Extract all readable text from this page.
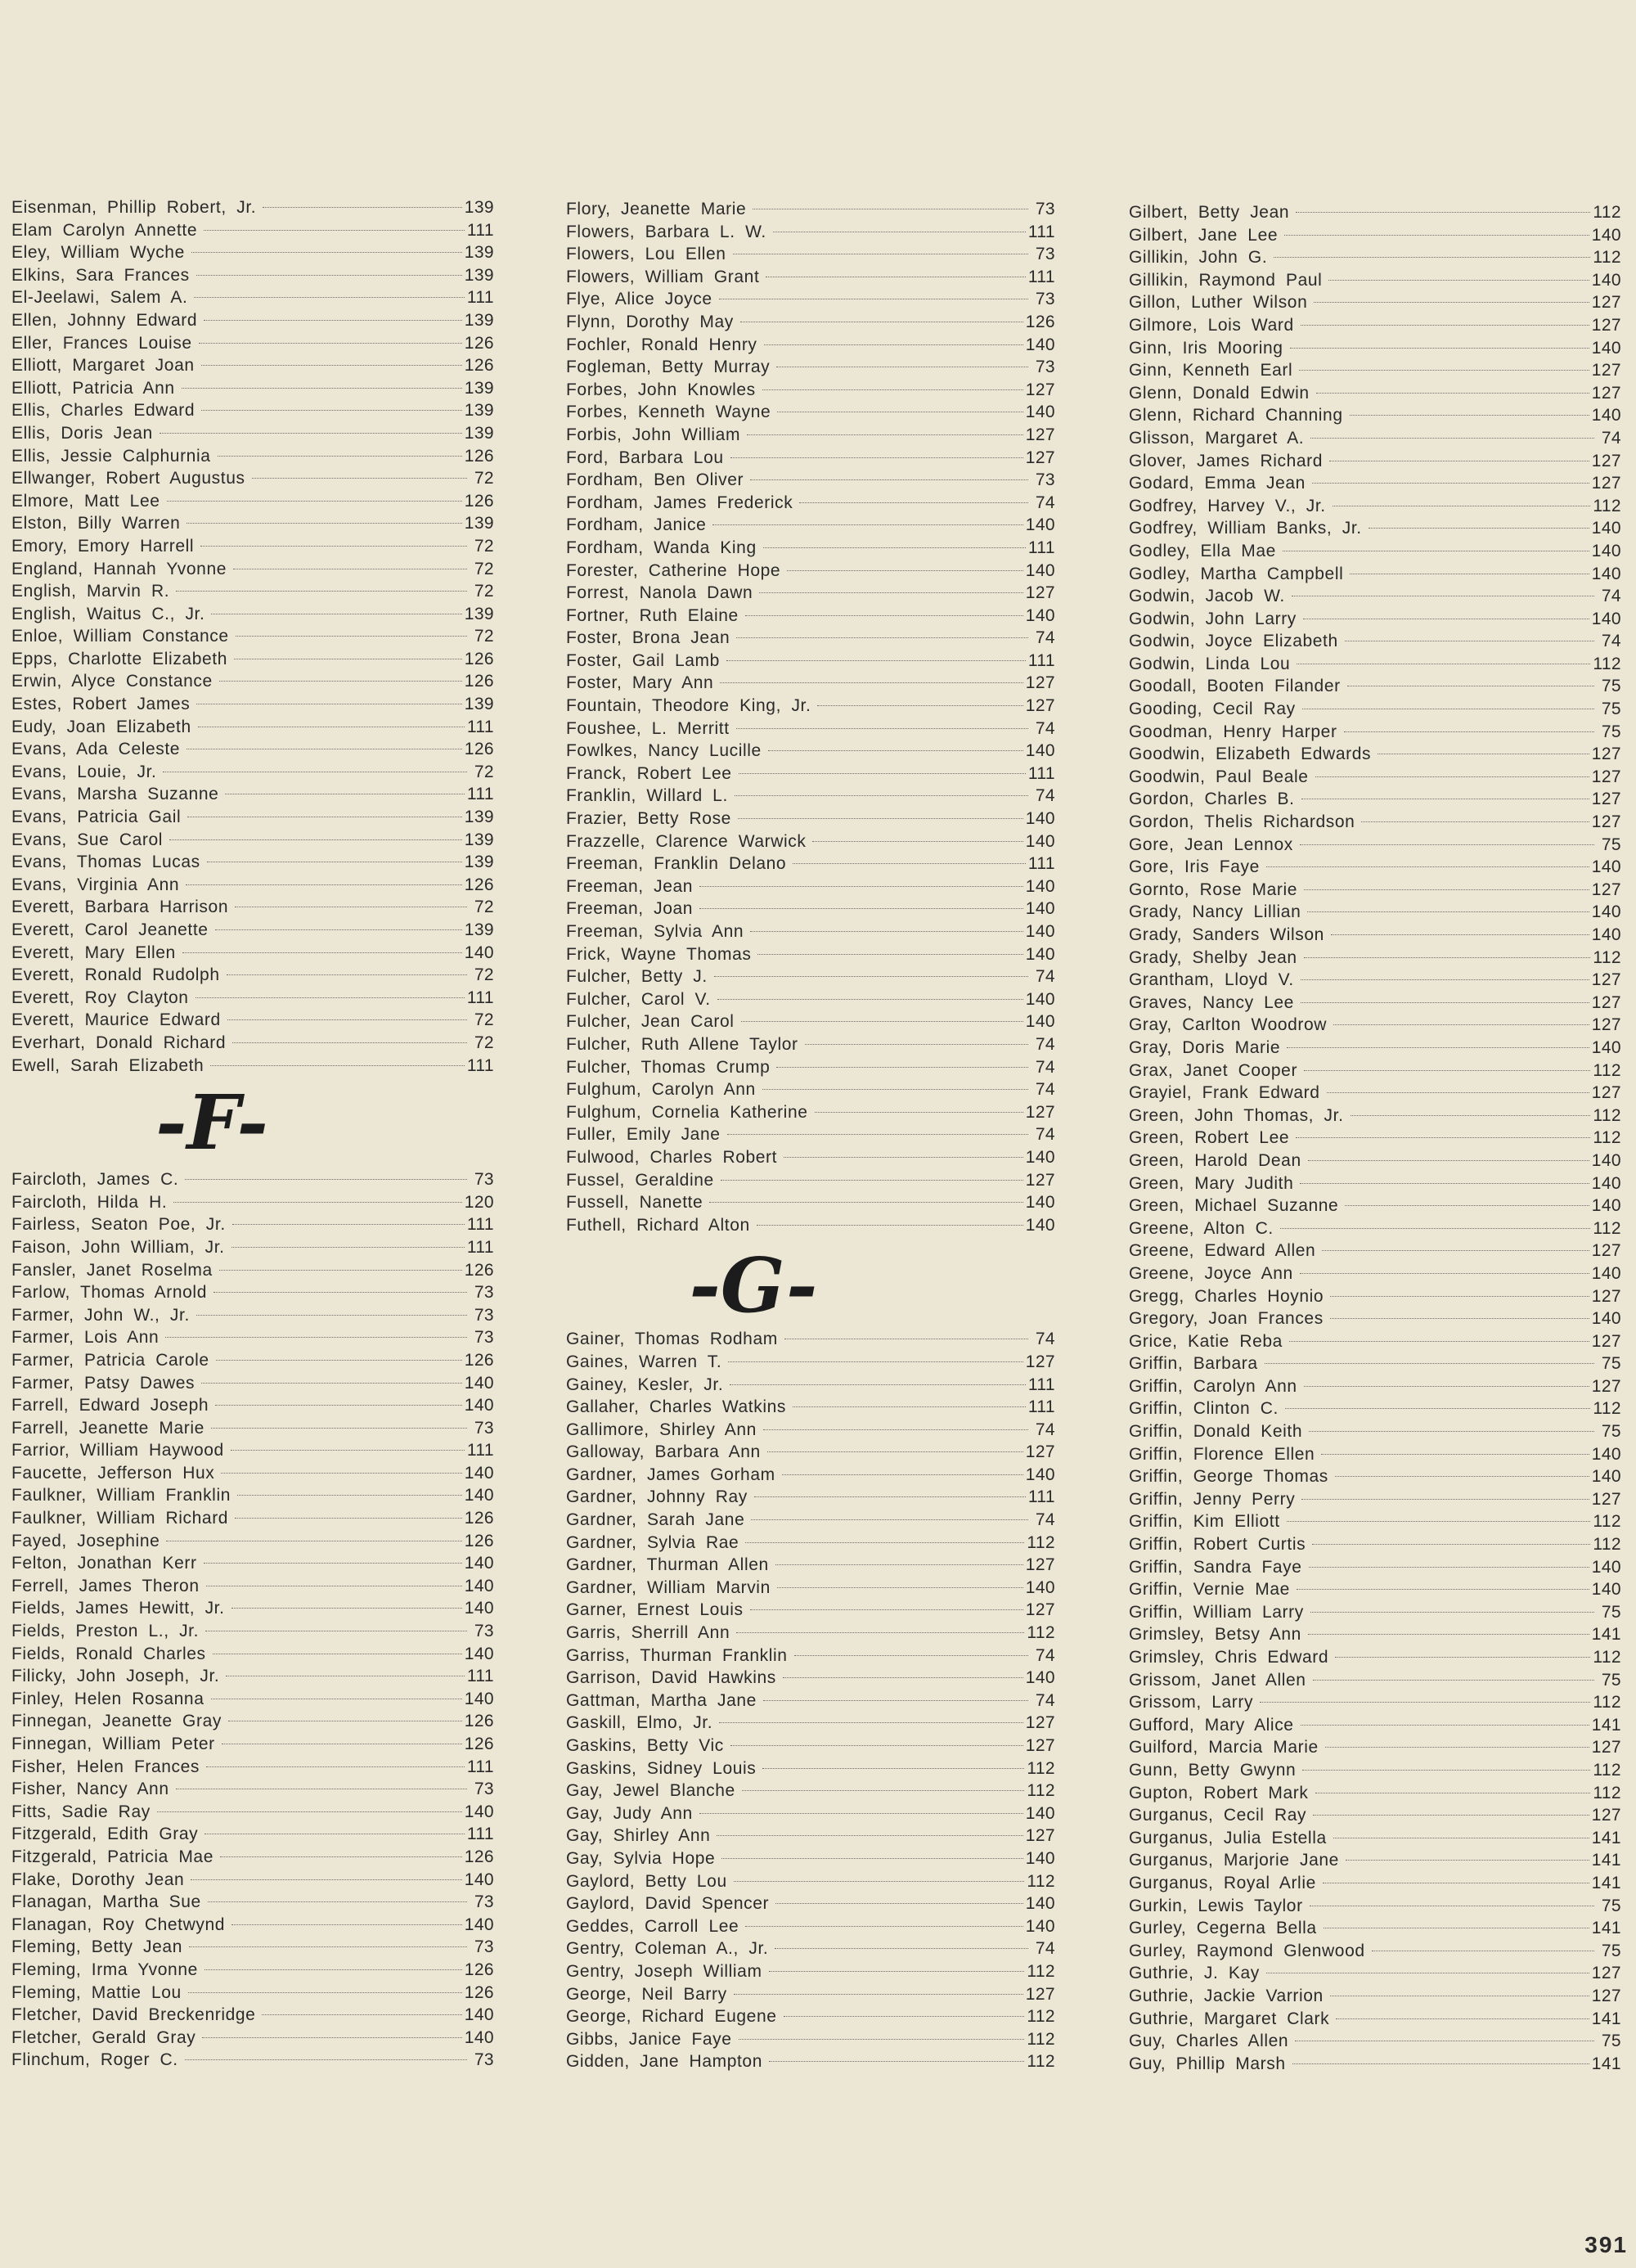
Eisenman, Phillip Robert, Jr.	139
Elam Carolyn Annette	111
Eley, William Wyche	139
Elkins, Sara Frances	139
El-Jeelawi, Salem A.	111
Ellen, Johnny Edward	139
Eller, Frances Louise	126
Elliott, Margaret Joan	126
Elliott, Patricia Ann	139
Ellis, Charles Edward	139
Ellis, Doris Jean	139
Ellis, Jessie Calphurnia	126
Ellwanger, Robert Augustus	72
Elmore, Matt Lee	126
Elston, Billy Warren	139
Emory, Emory Harrell	72
England, Hannah Yvonne	72
English, Marvin R.	72
English, Waitus C., Jr.	139
Enloe, William Constance	72
Epps, Charlotte Elizabeth	126
Erwin, Alyce Constance	126
Estes, Robert James	139
Eudy, Joan Elizabeth	111
Evans, Ada Celeste	126
Evans, Louie, Jr.	72
Evans, Marsha Suzanne	111
Evans, Patricia Gail	139
Evans, Sue Carol	139
Evans, Thomas Lucas	139
Evans, Virginia Ann	126
Everett, Barbara Harrison	72
Everett, Carol Jeanette	139
Everett, Mary Ellen	140
Everett, Ronald Rudolph	72
Everett, Roy Clayton	111
Everett, Maurice Edward	72
Everhart, Donald Richard	72
Ewell, Sarah Elizabeth	111
-F-
Faircloth, James C.	73
Faircloth, Hilda H.	120
Fairless, Seaton Poe, Jr.	111
Faison, John William, Jr.	111
Fansler, Janet Roselma	126
Farlow, Thomas Arnold	73
Farmer, John W., Jr.	73
Farmer, Lois Ann	73
Farmer, Patricia Carole	126
Farmer, Patsy Dawes	140
Farrell, Edward Joseph	140
Farrell, Jeanette Marie	73
Farrior, William Haywood	111
Faucette, Jefferson Hux	140
Faulkner, William Franklin	140
Faulkner, William Richard	126
Fayed, Josephine	126
Felton, Jonathan Kerr	140
Ferrell, James Theron	140
Fields, James Hewitt, Jr.	140
Fields, Preston L., Jr.	73
Fields, Ronald Charles	140
Filicky, John Joseph, Jr.	111
Finley, Helen Rosanna	140
Finnegan, Jeanette Gray	126
Finnegan, William Peter	126
Fisher, Helen Frances	111
Fisher, Nancy Ann	73
Fitts, Sadie Ray	140
Fitzgerald, Edith Gray	111
Fitzgerald, Patricia Mae	126
Flake, Dorothy Jean	140
Flanagan, Martha Sue	73
Flanagan, Roy Chetwynd	140
Fleming, Betty Jean	73
Fleming, Irma Yvonne	126
Fleming, Mattie Lou	126
Fletcher, David Breckenridge	140
Fletcher, Gerald Gray	140
Flinchum, Roger C.	73
Flory, Jeanette Marie	73
Flowers, Barbara L. W.	111
Flowers, Lou Ellen	73
Flowers, William Grant	111
Flye, Alice Joyce	73
Flynn, Dorothy May	126
Fochler, Ronald Henry	140
Fogleman, Betty Murray	73
Forbes, John Knowles	127
Forbes, Kenneth Wayne	140
Forbis, John William	127
Ford, Barbara Lou	127
Fordham, Ben Oliver	73
Fordham, James Frederick	74
Fordham, Janice	140
Fordham, Wanda King	111
Forester, Catherine Hope	140
Forrest, Nanola Dawn	127
Fortner, Ruth Elaine	140
Foster, Brona Jean	74
Foster, Gail Lamb	111
Foster, Mary Ann	127
Fountain, Theodore King, Jr.	127
Foushee, L. Merritt	74
Fowlkes, Nancy Lucille	140
Franck, Robert Lee	111
Franklin, Willard L.	74
Frazier, Betty Rose	140
Frazzelle, Clarence Warwick	140
Freeman, Franklin Delano	111
Freeman, Jean	140
Freeman, Joan	140
Freeman, Sylvia Ann	140
Frick, Wayne Thomas	140
Fulcher, Betty J.	74
Fulcher, Carol V.	140
Fulcher, Jean Carol	140
Fulcher, Ruth Allene Taylor	74
Fulcher, Thomas Crump	74
Fulghum, Carolyn Ann	74
Fulghum, Cornelia Katherine	127
Fuller, Emily Jane	74
Fulwood, Charles Robert	140
Fussel, Geraldine	127
Fussell, Nanette	140
Futhell, Richard Alton	140
-G-
Gainer, Thomas Rodham	74
Gaines, Warren T.	127
Gainey, Kesler, Jr.	111
Gallaher, Charles Watkins	111
Gallimore, Shirley Ann	74
Galloway, Barbara Ann	127
Gardner, James Gorham	140
Gardner, Johnny Ray	111
Gardner, Sarah Jane	74
Gardner, Sylvia Rae	112
Gardner, Thurman Allen	127
Gardner, William Marvin	140
Garner, Ernest Louis	127
Garris, Sherrill Ann	112
Garriss, Thurman Franklin	74
Garrison, David Hawkins	140
Gattman, Martha Jane	74
Gaskill, Elmo, Jr.	127
Gaskins, Betty Vic	127
Gaskins, Sidney Louis	112
Gay, Jewel Blanche	112
Gay, Judy Ann	140
Gay, Shirley Ann	127
Gay, Sylvia Hope	140
Gaylord, Betty Lou	112
Gaylord, David Spencer	140
Geddes, Carroll Lee	140
Gentry, Coleman A., Jr.	74
Gentry, Joseph William	112
George, Neil Barry	127
George, Richard Eugene	112
Gibbs, Janice Faye	112
Gidden, Jane Hampton	112
Gilbert, Betty Jean	112
Gilbert, Jane Lee	140
Gillikin, John G.	112
Gillikin, Raymond Paul	140
Gillon, Luther Wilson	127
Gilmore, Lois Ward	127
Ginn, Iris Mooring	140
Ginn, Kenneth Earl	127
Glenn, Donald Edwin	127
Glenn, Richard Channing	140
Glisson, Margaret A.	74
Glover, James Richard	127
Godard, Emma Jean	127
Godfrey, Harvey V., Jr.	112
Godfrey, William Banks, Jr.	140
Godley, Ella Mae	140
Godley, Martha Campbell	140
Godwin, Jacob W.	74
Godwin, John Larry	140
Godwin, Joyce Elizabeth	74
Godwin, Linda Lou	112
Goodall, Booten Filander	75
Gooding, Cecil Ray	75
Goodman, Henry Harper	75
Goodwin, Elizabeth Edwards	127
Goodwin, Paul Beale	127
Gordon, Charles B.	127
Gordon, Thelis Richardson	127
Gore, Jean Lennox	75
Gore, Iris Faye	140
Gornto, Rose Marie	127
Grady, Nancy Lillian	140
Grady, Sanders Wilson	140
Grady, Shelby Jean	112
Grantham, Lloyd V.	127
Graves, Nancy Lee	127
Gray, Carlton Woodrow	127
Gray, Doris Marie	140
Grax, Janet Cooper	112
Grayiel, Frank Edward	127
Green, John Thomas, Jr.	112
Green, Robert Lee	112
Green, Harold Dean	140
Green, Mary Judith	140
Green, Michael Suzanne	140
Greene, Alton C.	112
Greene, Edward Allen	127
Greene, Joyce Ann	140
Gregg, Charles Hoynio	127
Gregory, Joan Frances	140
Grice, Katie Reba	127
Griffin, Barbara	75
Griffin, Carolyn Ann	127
Griffin, Clinton C.	112
Griffin, Donald Keith	75
Griffin, Florence Ellen	140
Griffin, George Thomas	140
Griffin, Jenny Perry	127
Griffin, Kim Elliott	112
Griffin, Robert Curtis	112
Griffin, Sandra Faye	140
Griffin, Vernie Mae	140
Griffin, William Larry	75
Grimsley, Betsy Ann	141
Grimsley, Chris Edward	112
Grissom, Janet Allen	75
Grissom, Larry	112
Gufford, Mary Alice	141
Guilford, Marcia Marie	127
Gunn, Betty Gwynn	112
Gupton, Robert Mark	112
Gurganus, Cecil Ray	127
Gurganus, Julia Estella	141
Gurganus, Marjorie Jane	141
Gurganus, Royal Arlie	141
Gurkin, Lewis Taylor	75
Gurley, Cegerna Bella	141
Gurley, Raymond Glenwood	75
Guthrie, J. Kay	127
Guthrie, Jackie Varrion	127
Guthrie, Margaret Clark	141
Guy, Charles Allen	75
Guy, Phillip Marsh	141
391
